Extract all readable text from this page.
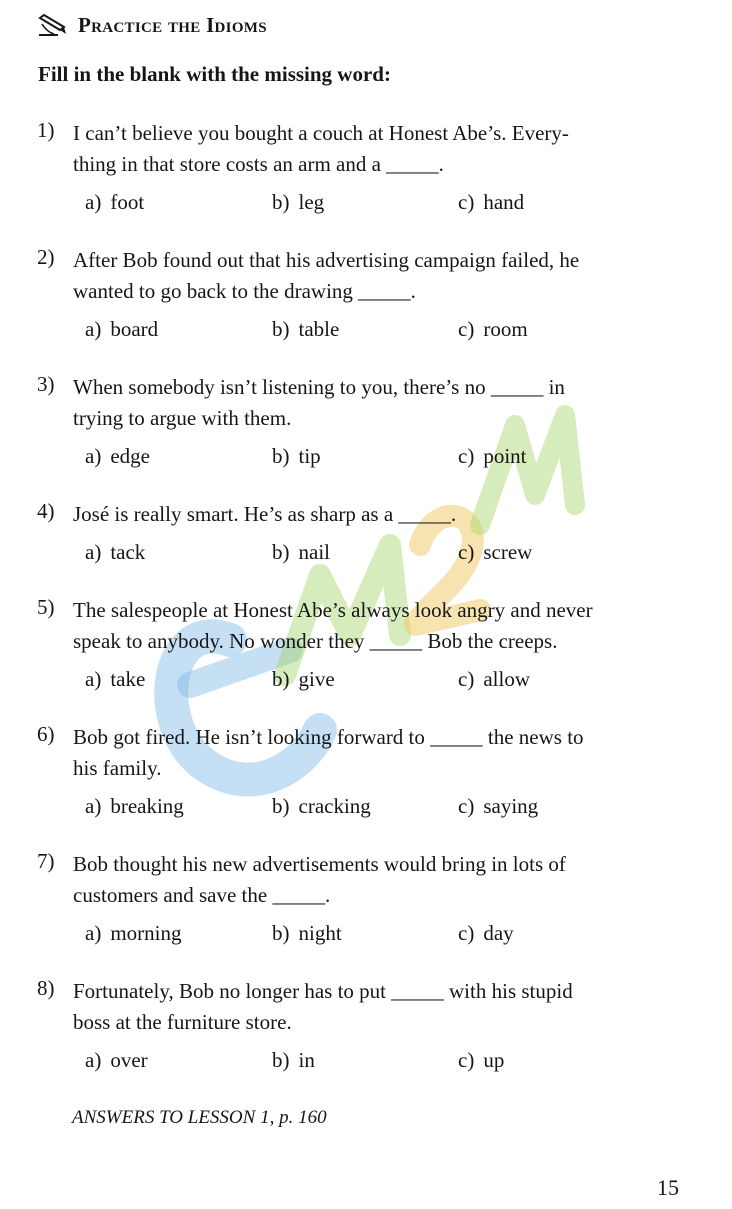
Practice the Idioms
Fill in the blank with the missing word:
1) I can’t believe you bought a couch at Honest Abe’s. Every-
thing in that store costs an arm and a _____.
a) foot	b) leg	c) hand
2) After Bob found out that his advertising campaign failed, he
wanted to go back to the drawing _____.
a) board	b) table	c) room
3) When somebody isn’t listening to you, there’s no _____ in
trying to argue with them.
a) edge	b) tip	c) point
4) José is really smart. He’s as sharp as a _____.
a) tack	b) nail	c) screw
5) The salespeople at Honest Abe’s always look angry and never
speak to anybody. No wonder they _____ Bob the creeps.
a) take	b) give	c) allow
6) Bob got fired. He isn’t looking forward to _____ the news to
his family.
a) breaking	b) cracking	c) saying
7) Bob thought his new advertisements would bring in lots of
customers and save the _____.
a) morning	b) night	c) day
8) Fortunately, Bob no longer has to put _____ with his stupid
boss at the furniture store.
a) over	b) in	c) up
ANSWERS TO LESSON 1, p. 160
15
